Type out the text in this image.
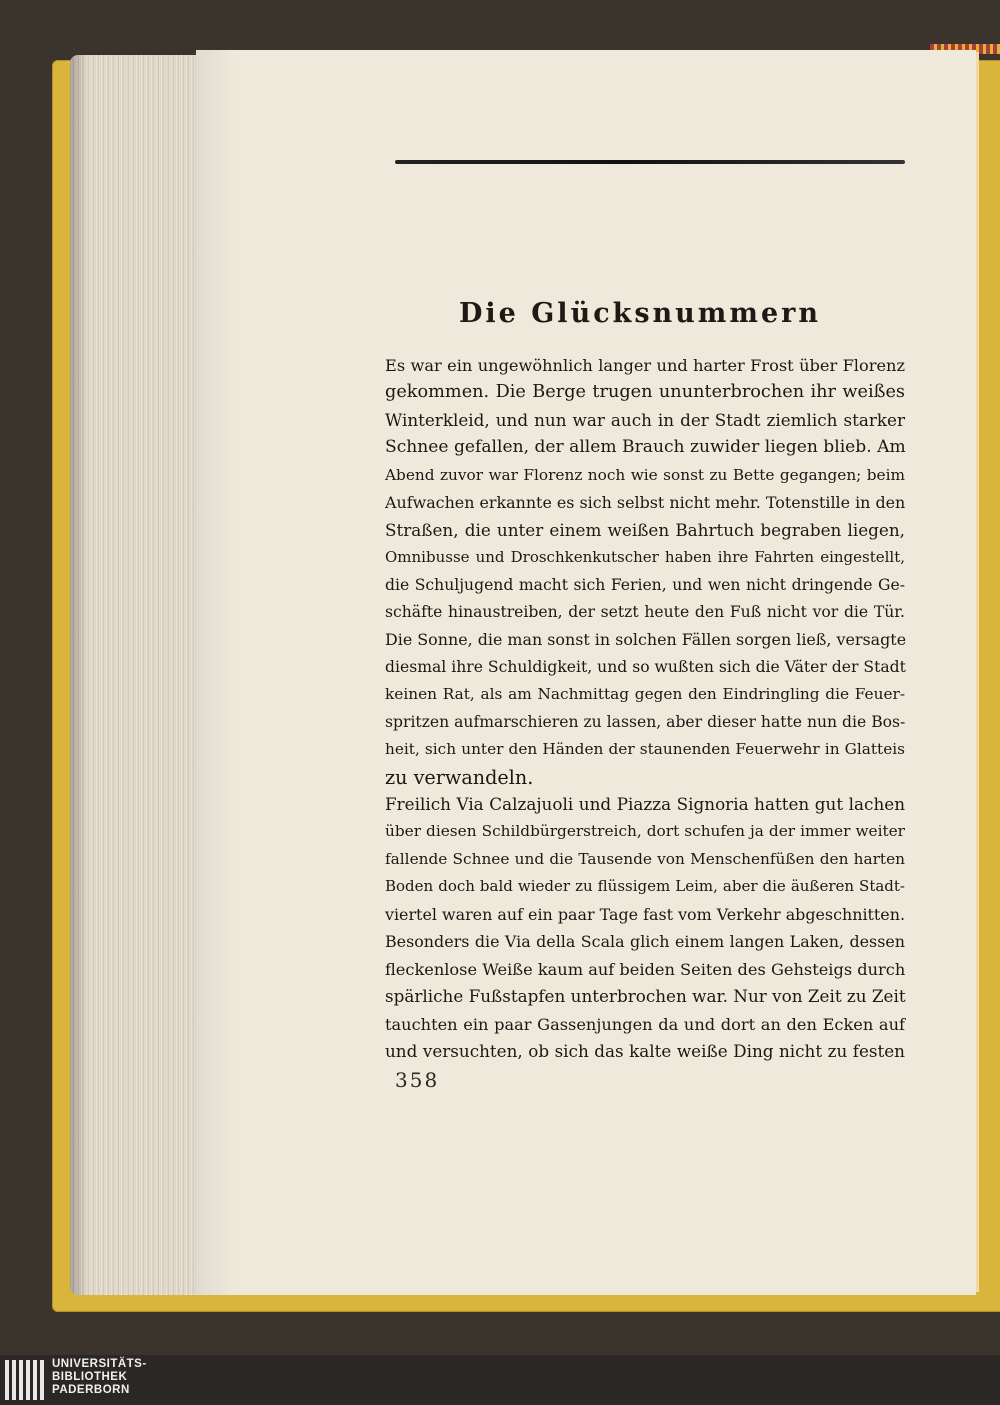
Die Glücksnummern
Es war ein ungewöhnlich langer und harter Frost über Florenz
gekommen. Die Berge trugen ununterbrochen ihr weißes
Winterkleid, und nun war auch in der Stadt ziemlich starker
Schnee gefallen, der allem Brauch zuwider liegen blieb. Am
Abend zuvor war Florenz noch wie sonst zu Bette gegangen; beim
Aufwachen erkannte es sich selbst nicht mehr. Totenstille in den
Straßen, die unter einem weißen Bahrtuch begraben liegen,
Omnibusse und Droschkenkutscher haben ihre Fahrten eingestellt,
die Schuljugend macht sich Ferien, und wen nicht dringende Ge-
schäfte hinaustreiben, der setzt heute den Fuß nicht vor die Tür.
Die Sonne, die man sonst in solchen Fällen sorgen ließ, versagte
diesmal ihre Schuldigkeit, und so wußten sich die Väter der Stadt
keinen Rat, als am Nachmittag gegen den Eindringling die Feuer-
spritzen aufmarschieren zu lassen, aber dieser hatte nun die Bos-
heit, sich unter den Händen der staunenden Feuerwehr in Glatteis
zu verwandeln.
Freilich Via Calzajuoli und Piazza Signoria hatten gut lachen
über diesen Schildbürgerstreich, dort schufen ja der immer weiter
fallende Schnee und die Tausende von Menschenfüßen den harten
Boden doch bald wieder zu flüssigem Leim, aber die äußeren Stadt-
viertel waren auf ein paar Tage fast vom Verkehr abgeschnitten.
Besonders die Via della Scala glich einem langen Laken, dessen
fleckenlose Weiße kaum auf beiden Seiten des Gehsteigs durch
spärliche Fußstapfen unterbrochen war. Nur von Zeit zu Zeit
tauchten ein paar Gassenjungen da und dort an den Ecken auf
und versuchten, ob sich das kalte weiße Ding nicht zu festen
358
UNIVERSITÄTS-
BIBLIOTHEK
PADERBORN
